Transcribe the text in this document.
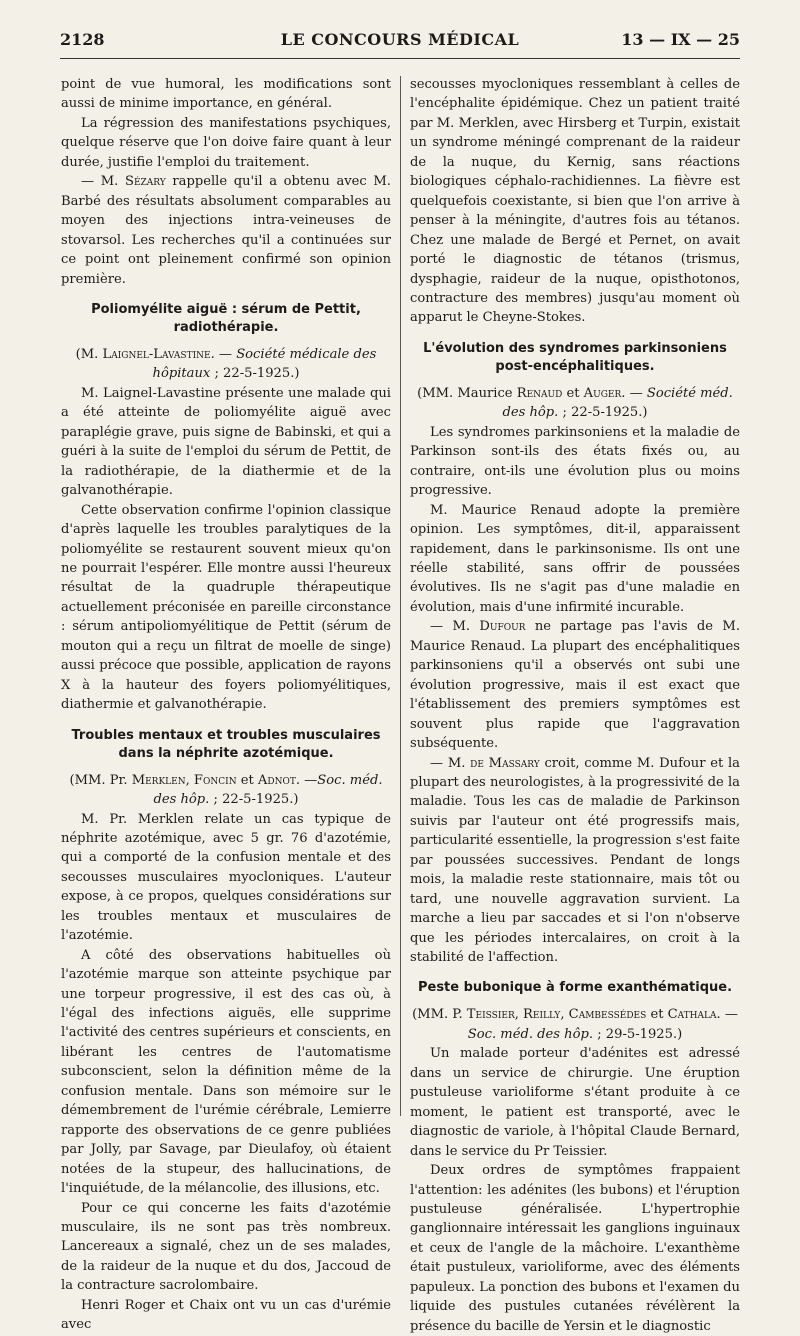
2128	LE CONCOURS MÉDICAL	13 — IX — 25

point de vue humoral, les modifications sont aussi de minime importance, en général.

La régression des manifestations psychiques, quelque réserve que l'on doive faire quant à leur durée, justifie l'emploi du traitement.

— M. Sézary rappelle qu'il a obtenu avec M. Barbé des résultats absolument comparables au moyen des injections intra-veineuses de stovarsol. Les recherches qu'il a continuées sur ce point ont pleinement confirmé son opinion première.

Poliomyélite aiguë : sérum de Pettit, radiothérapie.

(M. Laignel-Lavastine. — Société médicale des hôpitaux ; 22-5-1925.)

M. Laignel-Lavastine présente une malade qui a été atteinte de poliomyélite aiguë avec paraplégie grave, puis signe de Babinski, et qui a guéri à la suite de l'emploi du sérum de Pettit, de la radiothérapie, de la diathermie et de la galvanothérapie.

Cette observation confirme l'opinion classique d'après laquelle les troubles paralytiques de la poliomyélite se restaurent souvent mieux qu'on ne pourrait l'espérer. Elle montre aussi l'heureux résultat de la quadruple thérapeutique actuellement préconisée en pareille circonstance : sérum antipoliomyélitique de Pettit (sérum de mouton qui a reçu un filtrat de moelle de singe) aussi précoce que possible, application de rayons X à la hauteur des foyers poliomyélitiques, diathermie et galvanothérapie.

Troubles mentaux et troubles musculaires dans la néphrite azotémique.

(MM. Pr. Merklen, Foncin et Adnot. —Soc. méd. des hôp. ; 22-5-1925.)

M. Pr. Merklen relate un cas typique de néphrite azotémique, avec 5 gr. 76 d'azotémie, qui a comporté de la confusion mentale et des secousses musculaires myocloniques. L'auteur expose, à ce propos, quelques considérations sur les troubles mentaux et musculaires de l'azotémie.

A côté des observations habituelles où l'azotémie marque son atteinte psychique par une torpeur progressive, il est des cas où, à l'égal des infections aiguës, elle supprime l'activité des centres supérieurs et conscients, en libérant les centres de l'automatisme subconscient, selon la définition même de la confusion mentale. Dans son mémoire sur le démembrement de l'urémie cérébrale, Lemierre rapporte des observations de ce genre publiées par Jolly, par Savage, par Dieulafoy, où étaient notées de la stupeur, des hallucinations, de l'inquiétude, de la mélancolie, des illusions, etc.

Pour ce qui concerne les faits d'azotémie musculaire, ils ne sont pas très nombreux. Lancereaux a signalé, chez un de ses malades, de la raideur de la nuque et du dos, Jaccoud de la contracture sacrolombaire.

Henri Roger et Chaix ont vu un cas d'urémie avec

secousses myocloniques ressemblant à celles de l'encéphalite épidémique. Chez un patient traité par M. Merklen, avec Hirsberg et Turpin, existait un syndrome méningé comprenant de la raideur de la nuque, du Kernig, sans réactions biologiques céphalo-rachidiennes. La fièvre est quelquefois coexistante, si bien que l'on arrive à penser à la méningite, d'autres fois au tétanos. Chez une malade de Bergé et Pernet, on avait porté le diagnostic de tétanos (trismus, dysphagie, raideur de la nuque, opisthotonos, contracture des membres) jusqu'au moment où apparut le Cheyne-Stokes.

L'évolution des syndromes parkinsoniens post-encéphalitiques.

(MM. Maurice Renaud et Auger. — Société méd. des hôp. ; 22-5-1925.)

Les syndromes parkinsoniens et la maladie de Parkinson sont-ils des états fixés ou, au contraire, ont-ils une évolution plus ou moins progressive.

M. Maurice Renaud adopte la première opinion. Les symptômes, dit-il, apparaissent rapidement, dans le parkinsonisme. Ils ont une réelle stabilité, sans offrir de poussées évolutives. Ils ne s'agit pas d'une maladie en évolution, mais d'une infirmité incurable.

— M. Dufour ne partage pas l'avis de M. Maurice Renaud. La plupart des encéphalitiques parkinsoniens qu'il a observés ont subi une évolution progressive, mais il est exact que l'établissement des premiers symptômes est souvent plus rapide que l'aggravation subséquente.

— M. de Massary croit, comme M. Dufour et la plupart des neurologistes, à la progressivité de la maladie. Tous les cas de maladie de Parkinson suivis par l'auteur ont été progressifs mais, particularité essentielle, la progression s'est faite par poussées successives. Pendant de longs mois, la maladie reste stationnaire, mais tôt ou tard, une nouvelle aggravation survient. La marche a lieu par saccades et si l'on n'observe que les périodes intercalaires, on croit à la stabilité de l'affection.

Peste bubonique à forme exanthématique.

(MM. P. Teissier, Reilly, Cambessédes et Cathala. — Soc. méd. des hôp. ; 29-5-1925.)

Un malade porteur d'adénites est adressé dans un service de chirurgie. Une éruption pustuleuse varioliforme s'étant produite à ce moment, le patient est transporté, avec le diagnostic de variole, à l'hôpital Claude Bernard, dans le service du Pr Teissier.

Deux ordres de symptômes frappaient l'attention: les adénites (les bubons) et l'éruption pustuleuse généralisée. L'hypertrophie ganglionnaire intéressait les ganglions inguinaux et ceux de l'angle de la mâchoire. L'exanthème était pustuleux, varioliforme, avec des éléments papuleux. La ponction des bubons et l'examen du liquide des pustules cutanées révélèrent la présence du bacille de Yersin et le diagnostic
